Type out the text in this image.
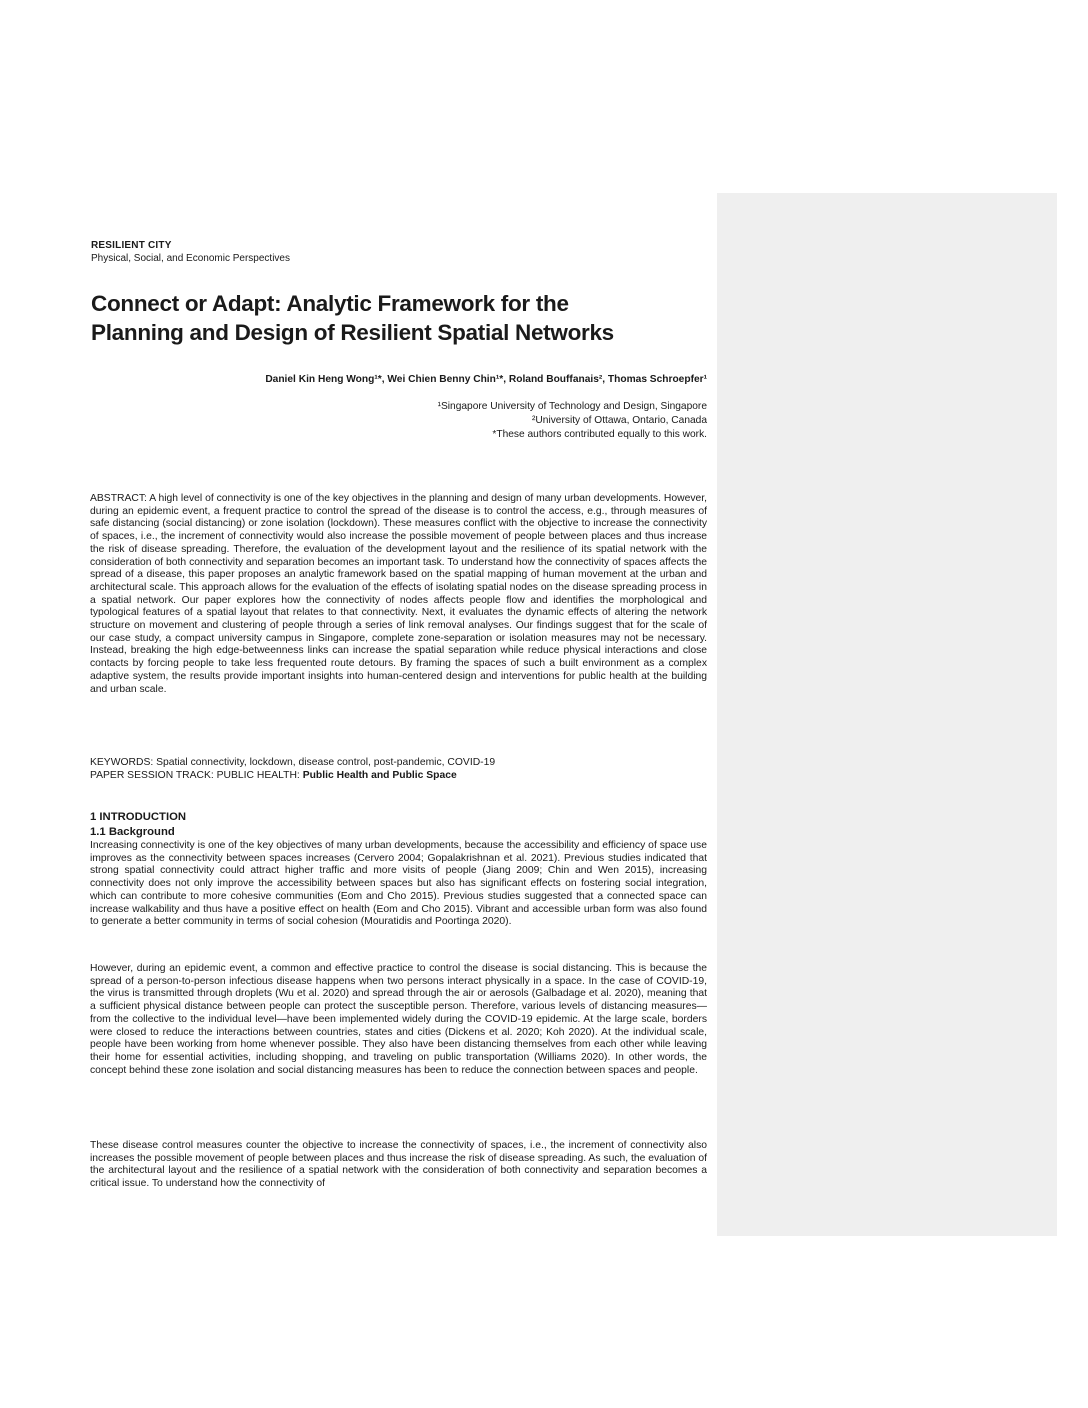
RESILIENT CITY
Physical, Social, and Economic Perspectives
Connect or Adapt: Analytic Framework for the
Planning and Design of Resilient Spatial Networks
Daniel Kin Heng Wong¹*, Wei Chien Benny Chin¹*, Roland Bouffanais², Thomas Schroepfer¹
¹Singapore University of Technology and Design, Singapore
²University of Ottawa, Ontario, Canada
*These authors contributed equally to this work.

ABSTRACT: A high level of connectivity is one of the key objectives in the planning and design of many urban developments. However, during an epidemic event, a frequent practice to control the spread of the disease is to control the access, e.g., through measures of safe distancing (social distancing) or zone isolation (lockdown). These measures conflict with the objective to increase the connectivity of spaces, i.e., the increment of connectivity would also increase the possible movement of people between places and thus increase the risk of disease spreading. Therefore, the evaluation of the development layout and the resilience of its spatial network with the consideration of both connectivity and separation becomes an important task. To understand how the connectivity of spaces affects the spread of a disease, this paper proposes an analytic framework based on the spatial mapping of human movement at the urban and architectural scale. This approach allows for the evaluation of the effects of isolating spatial nodes on the disease spreading process in a spatial network. Our paper explores how the connectivity of nodes affects people flow and identifies the morphological and typological features of a spatial layout that relates to that connectivity. Next, it evaluates the dynamic effects of altering the network structure on movement and clustering of people through a series of link removal analyses. Our findings suggest that for the scale of our case study, a compact university campus in Singapore, complete zone-separation or isolation measures may not be necessary. Instead, breaking the high edge-betweenness links can increase the spatial separation while reduce physical interactions and close contacts by forcing people to take less frequented route detours. By framing the spaces of such a built environment as a complex adaptive system, the results provide important insights into human-centered design and interventions for public health at the building and urban scale.

KEYWORDS: Spatial connectivity, lockdown, disease control, post-pandemic, COVID-19
PAPER SESSION TRACK: PUBLIC HEALTH: Public Health and Public Space
1 INTRODUCTION
1.1 Background

Increasing connectivity is one of the key objectives of many urban developments, because the accessibility and efficiency of space use improves as the connectivity between spaces increases (Cervero 2004; Gopalakrishnan et al. 2021). Previous studies indicated that strong spatial connectivity could attract higher traffic and more visits of people (Jiang 2009; Chin and Wen 2015), increasing connectivity does not only improve the accessibility between spaces but also has significant effects on fostering social integration, which can contribute to more cohesive communities (Eom and Cho 2015). Previous studies suggested that a connected space can increase walkability and thus have a positive effect on health (Eom and Cho 2015). Vibrant and accessible urban form was also found to generate a better community in terms of social cohesion (Mouratidis and Poortinga 2020).

However, during an epidemic event, a common and effective practice to control the disease is social distancing. This is because the spread of a person-to-person infectious disease happens when two persons interact physically in a space. In the case of COVID-19, the virus is transmitted through droplets (Wu et al. 2020) and spread through the air or aerosols (Galbadage et al. 2020), meaning that a sufficient physical distance between people can protect the susceptible person. Therefore, various levels of distancing measures—from the collective to the individual level—have been implemented widely during the COVID-19 epidemic. At the large scale, borders were closed to reduce the interactions between countries, states and cities (Dickens et al. 2020; Koh 2020). At the individual scale, people have been working from home whenever possible. They also have been distancing themselves from each other while leaving their home for essential activities, including shopping, and traveling on public transportation (Williams 2020). In other words, the concept behind these zone isolation and social distancing measures has been to reduce the connection between spaces and people.

These disease control measures counter the objective to increase the connectivity of spaces, i.e., the increment of connectivity also increases the possible movement of people between places and thus increase the risk of disease spreading. As such, the evaluation of the architectural layout and the resilience of a spatial network with the consideration of both connectivity and separation becomes a critical issue. To understand how the connectivity of
